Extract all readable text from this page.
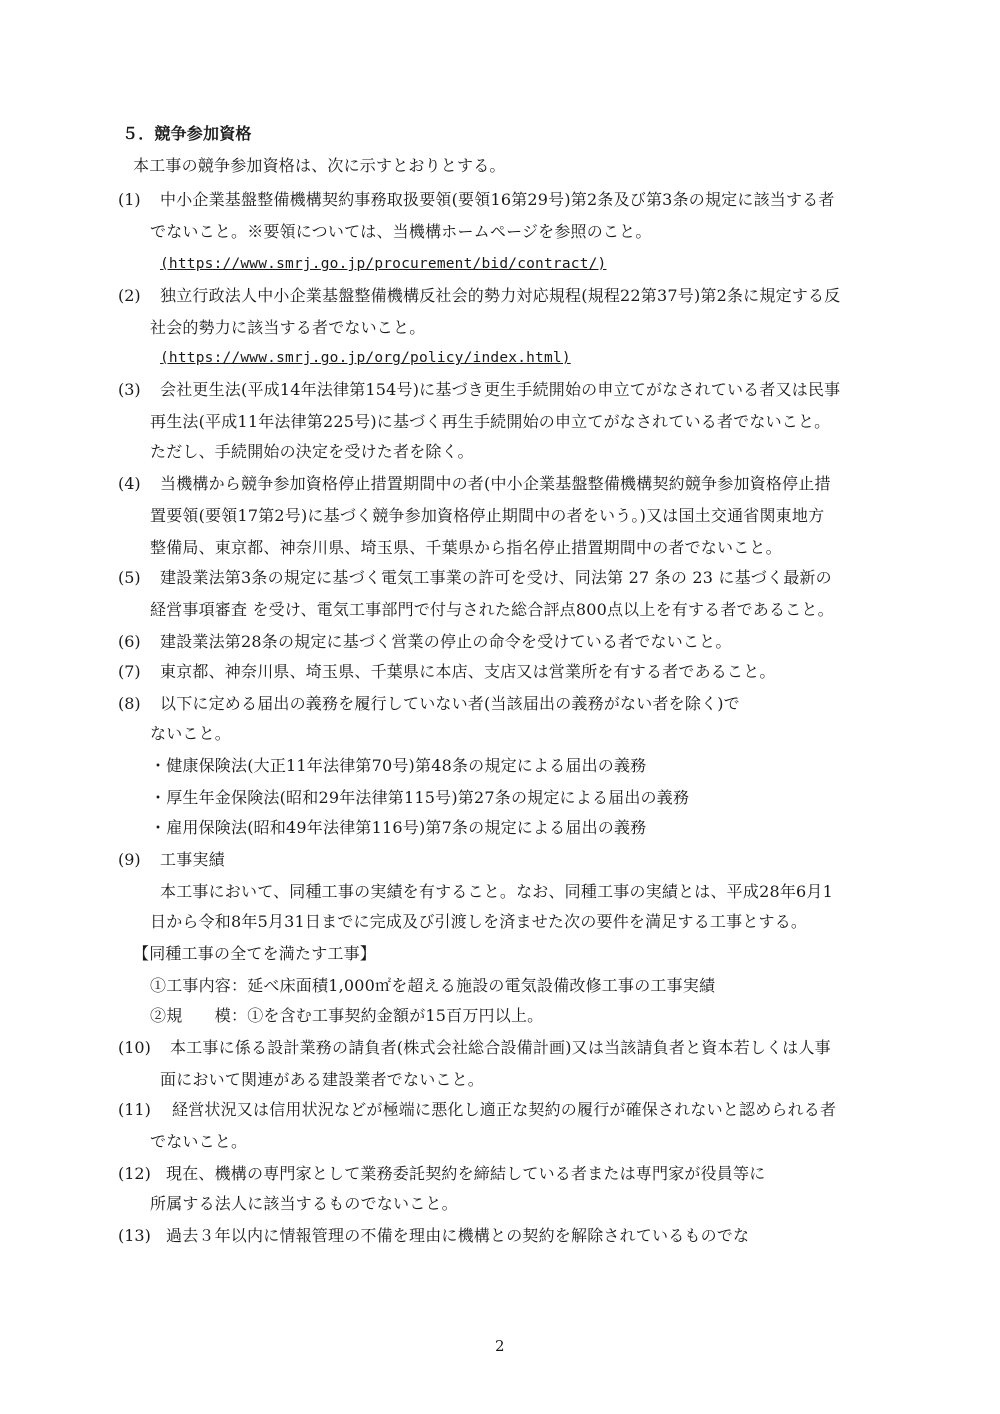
５．競争参加資格
本工事の競争参加資格は、次に示すとおりとする。
(1) 中小企業基盤整備機構契約事務取扱要領(要領16第29号)第2条及び第3条の規定に該当する者
でないこと。※要領については、当機構ホームページを参照のこと。
(https://www.smrj.go.jp/procurement/bid/contract/)
(2) 独立行政法人中小企業基盤整備機構反社会的勢力対応規程(規程22第37号)第2条に規定する反
社会的勢力に該当する者でないこと。
(https://www.smrj.go.jp/org/policy/index.html)
(3) 会社更生法(平成14年法律第154号)に基づき更生手続開始の申立てがなされている者又は民事
再生法(平成11年法律第225号)に基づく再生手続開始の申立てがなされている者でないこと。
ただし、手続開始の決定を受けた者を除く。
(4) 当機構から競争参加資格停止措置期間中の者(中小企業基盤整備機構契約競争参加資格停止措
置要領(要領17第2号)に基づく競争参加資格停止期間中の者をいう。)又は国土交通省関東地方
整備局、東京都、神奈川県、埼玉県、千葉県から指名停止措置期間中の者でないこと。
(5) 建設業法第3条の規定に基づく電気工事業の許可を受け、同法第 27 条の 23 に基づく最新の
経営事項審査 を受け、電気工事部門で付与された総合評点800点以上を有する者であること。
(6) 建設業法第28条の規定に基づく営業の停止の命令を受けている者でないこと。
(7) 東京都、神奈川県、埼玉県、千葉県に本店、支店又は営業所を有する者であること。
(8) 以下に定める届出の義務を履行していない者(当該届出の義務がない者を除く)で
ないこと。
・健康保険法(大正11年法律第70号)第48条の規定による届出の義務
・厚生年金保険法(昭和29年法律第115号)第27条の規定による届出の義務
・雇用保険法(昭和49年法律第116号)第7条の規定による届出の義務
(9) 工事実績
本工事において、同種工事の実績を有すること。なお、同種工事の実績とは、平成28年6月1
日から令和8年5月31日までに完成及び引渡しを済ませた次の要件を満足する工事とする。
【同種工事の全てを満たす工事】
①工事内容：延べ床面積1,000㎡を超える施設の電気設備改修工事の工事実績
②規　　模：①を含む工事契約金額が15百万円以上。
(10) 本工事に係る設計業務の請負者(株式会社総合設備計画)又は当該請負者と資本若しくは人事
面において関連がある建設業者でないこと。
(11) 経営状況又は信用状況などが極端に悪化し適正な契約の履行が確保されないと認められる者
でないこと。
(12) 現在、機構の専門家として業務委託契約を締結している者または専門家が役員等に
所属する法人に該当するものでないこと。
(13) 過去３年以内に情報管理の不備を理由に機構との契約を解除されているものでな
2
